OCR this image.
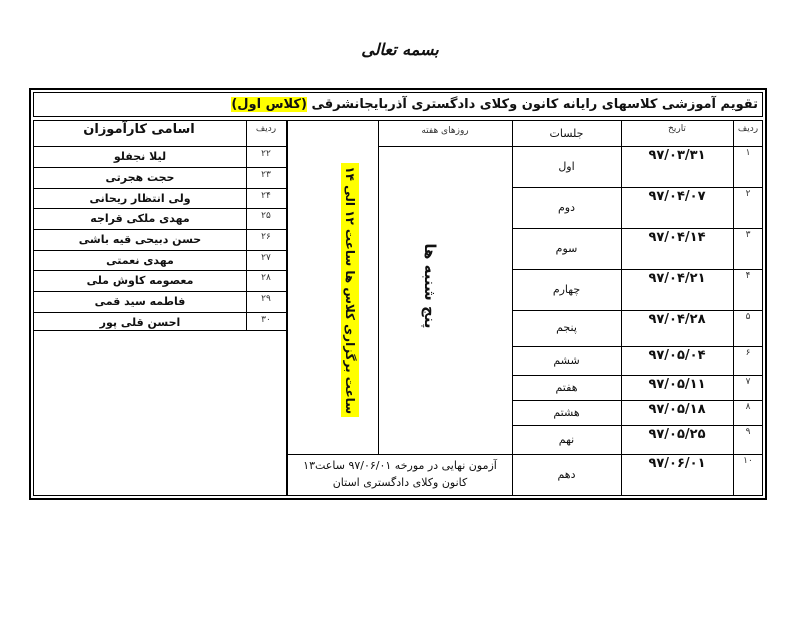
بسمه تعالی
تقویم آموزشی کلاسهای رایانه کانون وکلای دادگستری آذربایجانشرقی (کلاس اول)
اسامی کارآموزان	ردیف
۲۲
لیلا نجفلو
۲۳
حجت هجرتی
۲۴
ولی انتظار ریحانی
۲۵
مهدی ملکی قراجه
۲۶
حسن دبیحی قیه باشی
۲۷
مهدی نعمتی
۲۸
معصومه کاوش ملی
۲۹
فاطمه سید قمی
۳۰
احسن قلی پور
ردیف
تاریخ
جلسات
روزهای هفته
۱
۹۷/۰۳/۳۱
اول
۲
۹۷/۰۴/۰۷
دوم
۳
۹۷/۰۴/۱۴
سوم
۴
۹۷/۰۴/۲۱
چهارم
۵
۹۷/۰۴/۲۸
پنجم
۶
۹۷/۰۵/۰۴
ششم
۷
۹۷/۰۵/۱۱
هفتم
۸
۹۷/۰۵/۱۸
هشتم
۹
۹۷/۰۵/۲۵
نهم
۱۰
۹۷/۰۶/۰۱
دهم
ساعت برگزاری کلاس ها ساعت ۱۲ الی ۱۴	پنج شنبه ها
آزمون نهایی در مورخه ۹۷/۰۶/۰۱ ساعت۱۳
کانون وکلای دادگستری استان
